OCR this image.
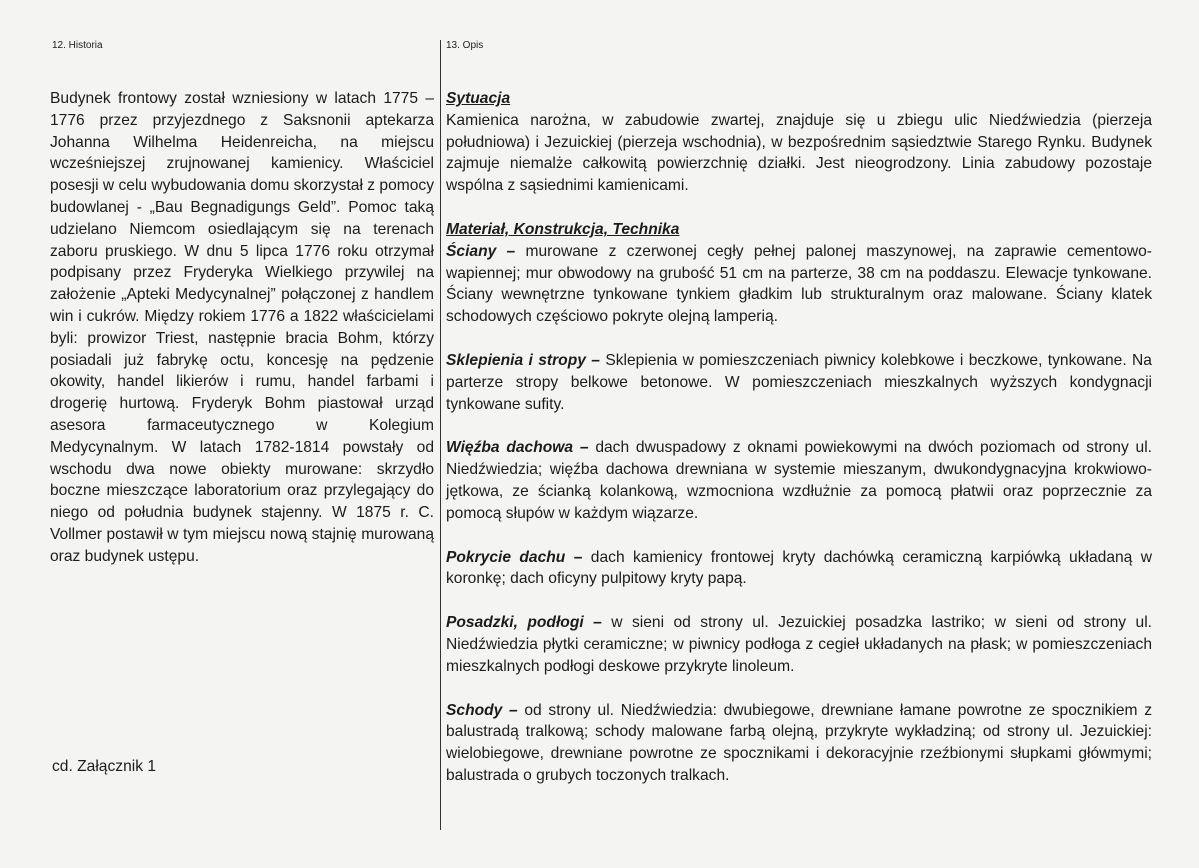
12. Historia	13. Opis

Budynek frontowy został wzniesiony w latach 1775 – 1776 przez przyjezdnego z Saksnonii aptekarza Johanna Wilhelma Heidenreicha, na miejscu wcześniejszej zrujnowanej kamienicy. Właściciel posesji w celu wybudowania domu skorzystał z pomocy budowlanej - „Bau Begnadigungs Geld”. Pomoc taką udzielano Niemcom osiedlającym się na terenach zaboru pruskiego. W dnu 5 lipca 1776 roku otrzymał podpisany przez Fryderyka Wielkiego przywilej na założenie „Apteki Medycynalnej” połączonej z handlem win i cukrów. Między rokiem 1776 a 1822 właścicielami byli: prowizor Triest, następnie bracia Bohm, którzy posiadali już fabrykę octu, koncesję na pędzenie okowity, handel likierów i rumu, handel farbami i drogerię hurtową. Fryderyk Bohm piastował urząd asesora farmaceutycznego w Kolegium Medycynalnym. W latach 1782-1814 powstały od wschodu dwa nowe obiekty murowane: skrzydło boczne mieszczące laboratorium oraz przylegający do niego od południa budynek stajenny. W 1875 r. C. Vollmer postawił w tym miejscu nową stajnię murowaną oraz budynek ustępu.

cd. Załącznik 1

Sytuacja

Kamienica narożna, w zabudowie zwartej, znajduje się u zbiegu ulic Niedźwiedzia (pierzeja południowa) i Jezuickiej (pierzeja wschodnia), w bezpośrednim sąsiedztwie Starego Rynku. Budynek zajmuje niemalże całkowitą powierzchnię działki. Jest nieogrodzony. Linia zabudowy pozostaje wspólna z sąsiednimi kamienicami.

Materiał, Konstrukcja, Technika

Ściany – murowane z czerwonej cegły pełnej palonej maszynowej, na zaprawie cementowo-wapiennej; mur obwodowy na grubość 51 cm na parterze, 38 cm na poddaszu. Elewacje tynkowane. Ściany wewnętrzne tynkowane tynkiem gładkim lub strukturalnym oraz malowane. Ściany klatek schodowych częściowo pokryte olejną lamperią.

Sklepienia i stropy – Sklepienia w pomieszczeniach piwnicy kolebkowe i beczkowe, tynkowane. Na parterze stropy belkowe betonowe. W pomieszczeniach mieszkalnych wyższych kondygnacji tynkowane sufity.

Więźba dachowa – dach dwuspadowy z oknami powiekowymi na dwóch poziomach od strony ul. Niedźwiedzia; więźba dachowa drewniana w systemie mieszanym, dwukondygnacyjna krokwiowo-jętkowa, ze ścianką kolankową, wzmocniona wzdłużnie za pomocą płatwii oraz poprzecznie za pomocą słupów w każdym wiązarze.

Pokrycie dachu – dach kamienicy frontowej kryty dachówką ceramiczną karpiówką układaną w koronkę; dach oficyny pulpitowy kryty papą.

Posadzki, podłogi – w sieni od strony ul. Jezuickiej posadzka lastriko; w sieni od strony ul. Niedźwiedzia płytki ceramiczne; w piwnicy podłoga z cegieł układanych na płask; w pomieszczeniach mieszkalnych podłogi deskowe przykryte linoleum.

Schody – od strony ul. Niedźwiedzia: dwubiegowe, drewniane łamane powrotne ze spocznikiem z balustradą tralkową; schody malowane farbą olejną, przykryte wykładziną; od strony ul. Jezuickiej: wielobiegowe, drewniane powrotne ze spocznikami i dekoracyjnie rzeźbionymi słupkami główmymi; balustrada o grubych toczonych tralkach.
